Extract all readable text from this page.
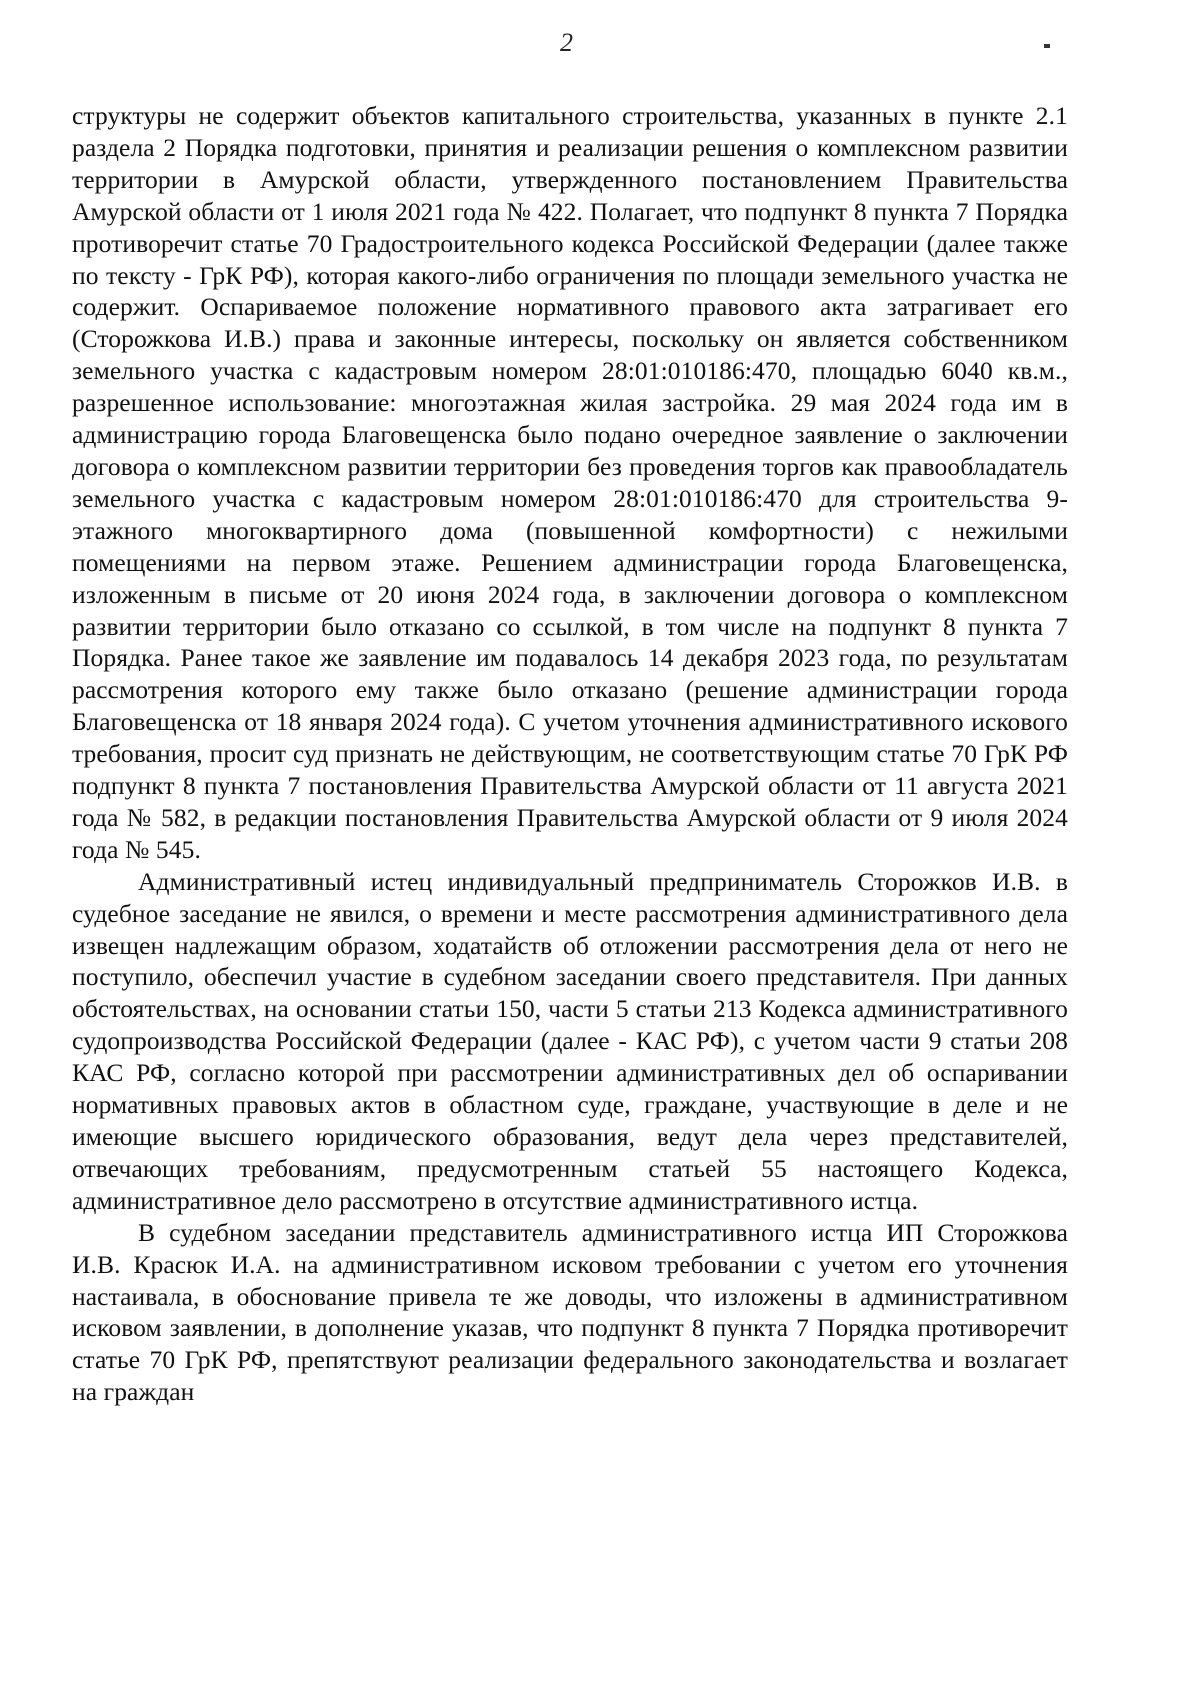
2

структуры не содержит объектов капитального строительства, указанных в пункте 2.1 раздела 2 Порядка подготовки, принятия и реализации решения о комплексном развитии территории в Амурской области, утвержденного постановлением Правительства Амурской области от 1 июля 2021 года № 422. Полагает, что подпункт 8 пункта 7 Порядка противоречит статье 70 Градостроительного кодекса Российской Федерации (далее также по тексту - ГрК РФ), которая какого-либо ограничения по площади земельного участка не содержит. Оспариваемое положение нормативного правового акта затрагивает его (Сторожкова И.В.) права и законные интересы, поскольку он является собственником земельного участка с кадастровым номером 28:01:010186:470, площадью 6040 кв.м., разрешенное использование: многоэтажная жилая застройка. 29 мая 2024 года им в администрацию города Благовещенска было подано очередное заявление о заключении договора о комплексном развитии территории без проведения торгов как правообладатель земельного участка с кадастровым номером 28:01:010186:470 для строительства 9-этажного многоквартирного дома (повышенной комфортности) с нежилыми помещениями на первом этаже. Решением администрации города Благовещенска, изложенным в письме от 20 июня 2024 года, в заключении договора о комплексном развитии территории было отказано со ссылкой, в том числе на подпункт 8 пункта 7 Порядка. Ранее такое же заявление им подавалось 14 декабря 2023 года, по результатам рассмотрения которого ему также было отказано (решение администрации города Благовещенска от 18 января 2024 года). С учетом уточнения административного искового требования, просит суд признать не действующим, не соответствующим статье 70 ГрК РФ подпункт 8 пункта 7 постановления Правительства Амурской области от 11 августа 2021 года № 582, в редакции постановления Правительства Амурской области от 9 июля 2024 года № 545.

Административный истец индивидуальный предприниматель Сторожков И.В. в судебное заседание не явился, о времени и месте рассмотрения административного дела извещен надлежащим образом, ходатайств об отложении рассмотрения дела от него не поступило, обеспечил участие в судебном заседании своего представителя. При данных обстоятельствах, на основании статьи 150, части 5 статьи 213 Кодекса административного судопроизводства Российской Федерации (далее - КАС РФ), с учетом части 9 статьи 208 КАС РФ, согласно которой при рассмотрении административных дел об оспаривании нормативных правовых актов в областном суде, граждане, участвующие в деле и не имеющие высшего юридического образования, ведут дела через представителей, отвечающих требованиям, предусмотренным статьей 55 настоящего Кодекса, административное дело рассмотрено в отсутствие административного истца.

В судебном заседании представитель административного истца ИП Сторожкова И.В. Красюк И.А. на административном исковом требовании с учетом его уточнения настаивала, в обоснование привела те же доводы, что изложены в административном исковом заявлении, в дополнение указав, что подпункт 8 пункта 7 Порядка противоречит статье 70 ГрК РФ, препятствуют реализации федерального законодательства и возлагает на граждан
